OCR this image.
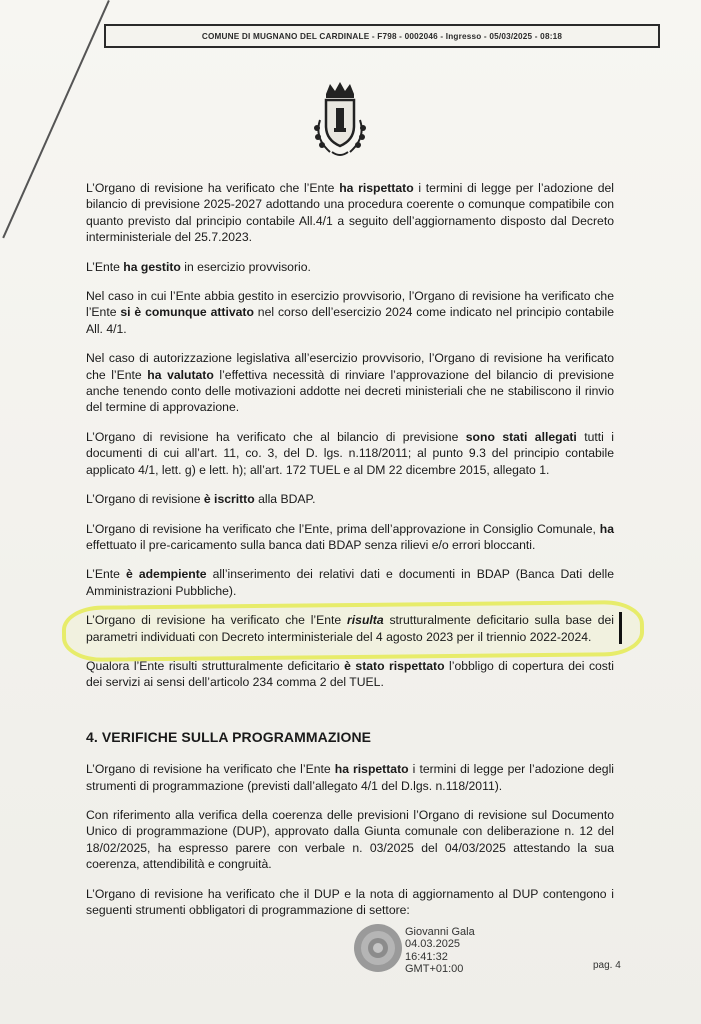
COMUNE DI MUGNANO DEL CARDINALE - F798 - 0002046 - Ingresso - 05/03/2025 - 08:18

L’Organo di revisione ha verificato che l’Ente ha rispettato i termini di legge per l’adozione del bilancio di previsione 2025-2027 adottando una procedura coerente o comunque compatibile con quanto previsto dal principio contabile All.4/1 a seguito dell’aggiornamento disposto dal Decreto interministeriale del 25.7.2023.

L’Ente ha gestito in esercizio provvisorio.

Nel caso in cui l’Ente abbia gestito in esercizio provvisorio, l’Organo di revisione ha verificato che l’Ente si è comunque attivato nel corso dell’esercizio 2024 come indicato nel principio contabile All. 4/1.

Nel caso di autorizzazione legislativa all’esercizio provvisorio, l’Organo di revisione ha verificato che l’Ente ha valutato l’effettiva necessità di rinviare l’approvazione del bilancio di previsione anche tenendo conto delle motivazioni addotte nei decreti ministeriali che ne stabiliscono il rinvio del termine di approvazione.

L’Organo di revisione ha verificato che al bilancio di previsione sono stati allegati tutti i documenti di cui all’art. 11, co. 3, del D. lgs. n.118/2011; al punto 9.3 del principio contabile applicato 4/1, lett. g) e lett. h); all’art. 172 TUEL e al DM 22 dicembre 2015, allegato 1.

L’Organo di revisione è iscritto alla BDAP.

L’Organo di revisione ha verificato che l’Ente, prima dell’approvazione in Consiglio Comunale, ha effettuato il pre-caricamento sulla banca dati BDAP senza rilievi e/o errori bloccanti.

L’Ente è adempiente all’inserimento dei relativi dati e documenti in BDAP (Banca Dati delle Amministrazioni Pubbliche).

L’Organo di revisione ha verificato che l’Ente risulta strutturalmente deficitario sulla base dei parametri individuati con Decreto interministeriale del 4 agosto 2023 per il triennio 2022-2024.

Qualora l’Ente risulti strutturalmente deficitario è stato rispettato l’obbligo di copertura dei costi dei servizi ai sensi dell’articolo 234 comma 2 del TUEL.

4. VERIFICHE SULLA PROGRAMMAZIONE

L’Organo di revisione ha verificato che l’Ente ha rispettato i termini di legge per l’adozione degli strumenti di programmazione (previsti dall’allegato 4/1 del D.lgs. n.118/2011).

Con riferimento alla verifica della coerenza delle previsioni l’Organo di revisione sul Documento Unico di programmazione (DUP), approvato dalla Giunta comunale con deliberazione n. 12 del 18/02/2025, ha espresso parere con verbale n. 03/2025 del 04/03/2025 attestando la sua coerenza, attendibilità e congruità.

L’Organo di revisione ha verificato che il DUP e la nota di aggiornamento al DUP contengono i seguenti strumenti obbligatori di programmazione di settore:

Giovanni Gala
04.03.2025
16:41:32
GMT+01:00	pag. 4
